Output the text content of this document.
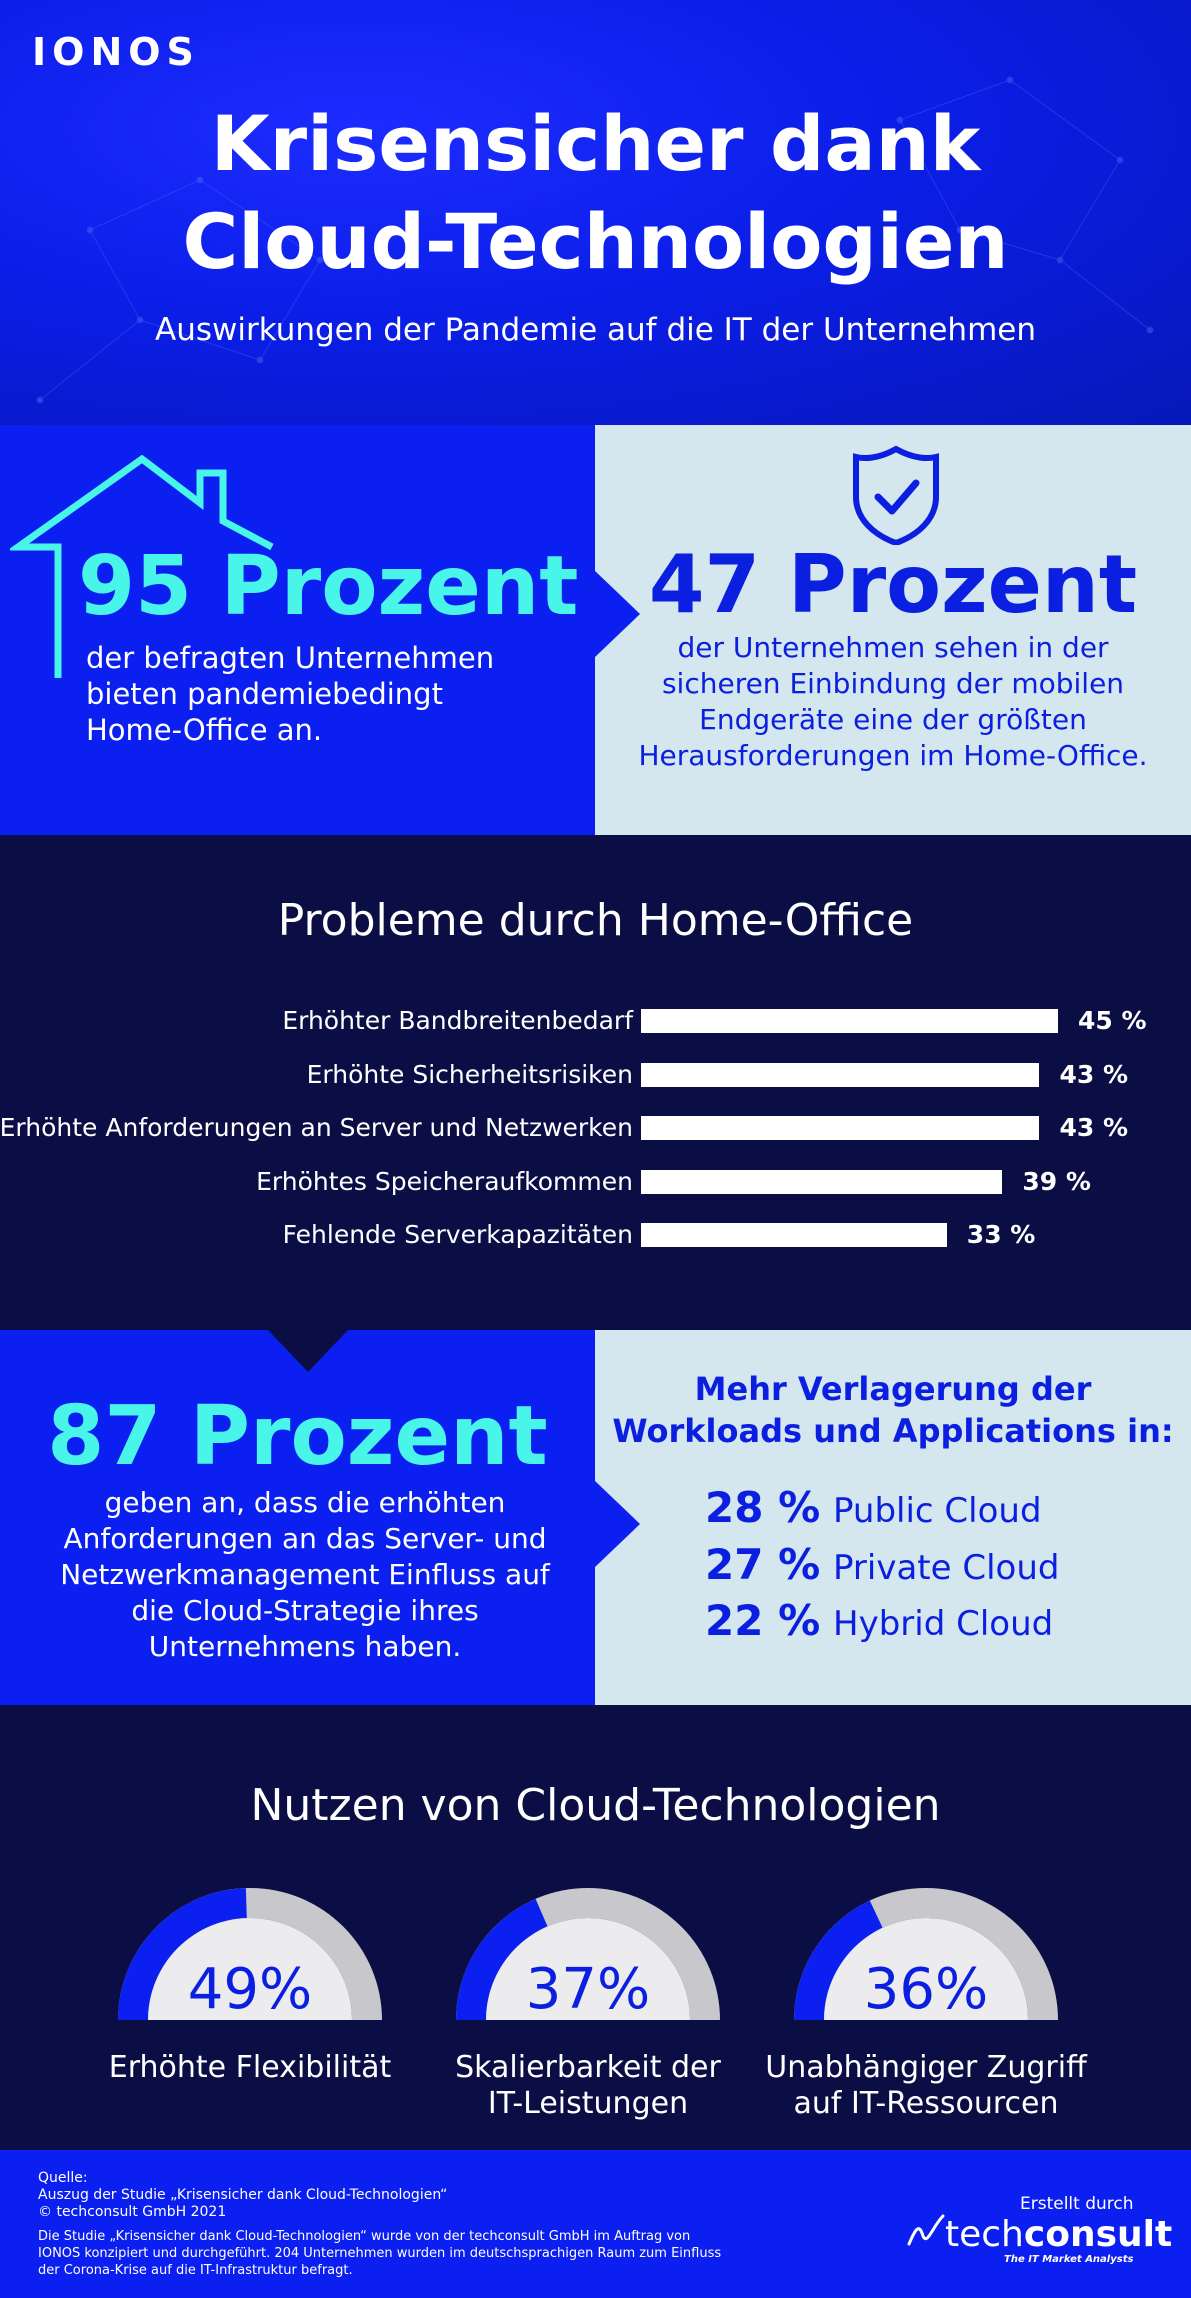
IONOS
Krisensicher dank
Cloud-Technologien
Auswirkungen der Pandemie auf die IT der Unternehmen
95 Prozent
der befragten Unternehmen
bieten pandemiebedingt
Home-Office an.
47 Prozent
der Unternehmen sehen in der
sicheren Einbindung der mobilen
Endgeräte eine der größten
Herausforderungen im Home-Office.
Probleme durch Home-Office
Erhöhter Bandbreitenbedarf	45 %
Erhöhte Sicherheitsrisiken	43 %
Erhöhte Anforderungen an Server und Netzwerken	43 %
Erhöhtes Speicheraufkommen	39 %
Fehlende Serverkapazitäten	33 %
87 Prozent
geben an, dass die erhöhten
Anforderungen an das Server- und
Netzwerkmanagement Einfluss auf
die Cloud-Strategie ihres
Unternehmens haben.
Mehr Verlagerung der
Workloads und Applications in:
28 % Public Cloud
27 % Private Cloud
22 % Hybrid Cloud
Nutzen von Cloud-Technologien
49%	37%	36%
Erhöhte Flexibilität	Skalierbarkeit der
IT-Leistungen
Unabhängiger Zugriff
auf IT-Ressourcen
Quelle:
Auszug der Studie „Krisensicher dank Cloud-Technologien“
© techconsult GmbH 2021
Die Studie „Krisensicher dank Cloud-Technologien“ wurde von der techconsult GmbH im Auftrag von
IONOS konzipiert und durchgeführt. 204 Unternehmen wurden im deutschsprachigen Raum zum Einfluss
der Corona-Krise auf die IT-Infrastruktur befragt.
Erstellt durch
techconsult
The IT Market Analysts
